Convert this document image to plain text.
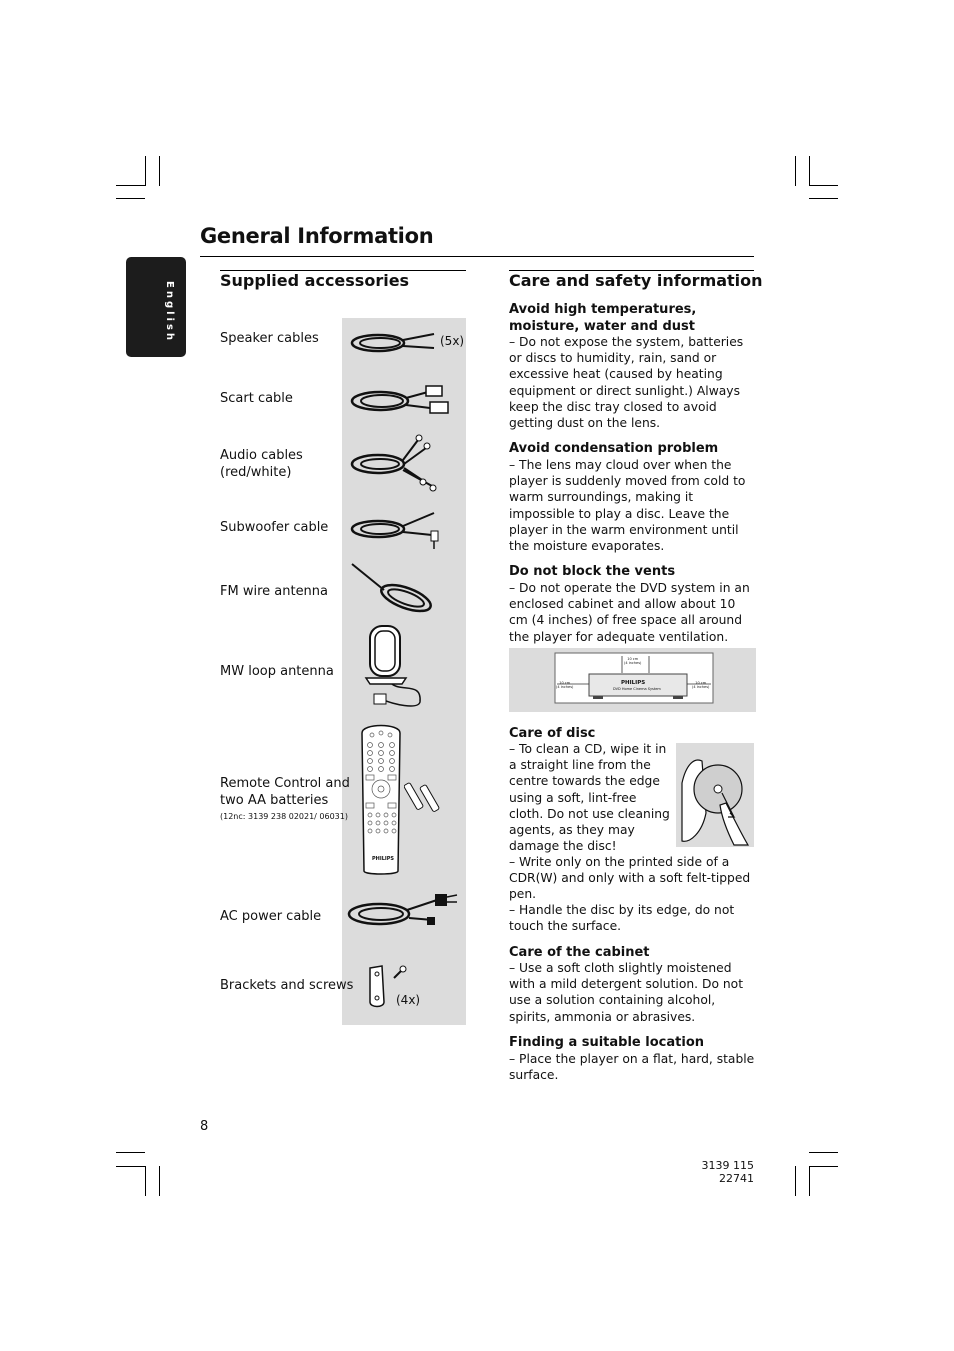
General Information
English
Supplied accessories
Speaker cables
Scart cable
Audio cables
(red/white)
Subwoofer cable
FM wire antenna
MW loop antenna
Remote Control and
two AA batteries
(12nc: 3139 238 02021/ 06031)
AC power cable
Brackets and screws
(5x)
(4x)
PHILIPS
Care and safety information
Avoid high temperatures, moisture, water and dust
– Do not expose the system, batteries or discs to humidity, rain, sand or excessive heat (caused by heating equipment or direct sunlight.) Always keep the disc tray closed to avoid getting dust on the lens.
Avoid condensation problem
– The lens may cloud over when the player is suddenly moved from cold to warm surroundings, making it impossible to play a disc. Leave the player in the warm environment until the moisture evaporates.
Do not block the vents
– Do not operate the DVD system in an enclosed cabinet and allow about 10 cm (4 inches) of free space all around the player for adequate ventilation.
PHILIPS
DVD Home Cinema System
10 cm
(4 inches)
10 cm
(4 inches)
10 cm
(4 inches)
Care of disc
– To clean a CD, wipe it in a straight line from the centre towards the edge using a soft, lint-free cloth. Do not use cleaning agents, as they may damage the disc!
– Write only on the printed side of a CDR(W) and only with a soft felt-tipped pen.
– Handle the disc by its edge, do not touch the surface.
Care of the cabinet
– Use a soft cloth slightly moistened with a mild detergent solution. Do not use a solution containing alcohol, spirits, ammonia or abrasives.
Finding a suitable location
– Place the player on a flat, hard, stable surface.
8
3139 115 22741
